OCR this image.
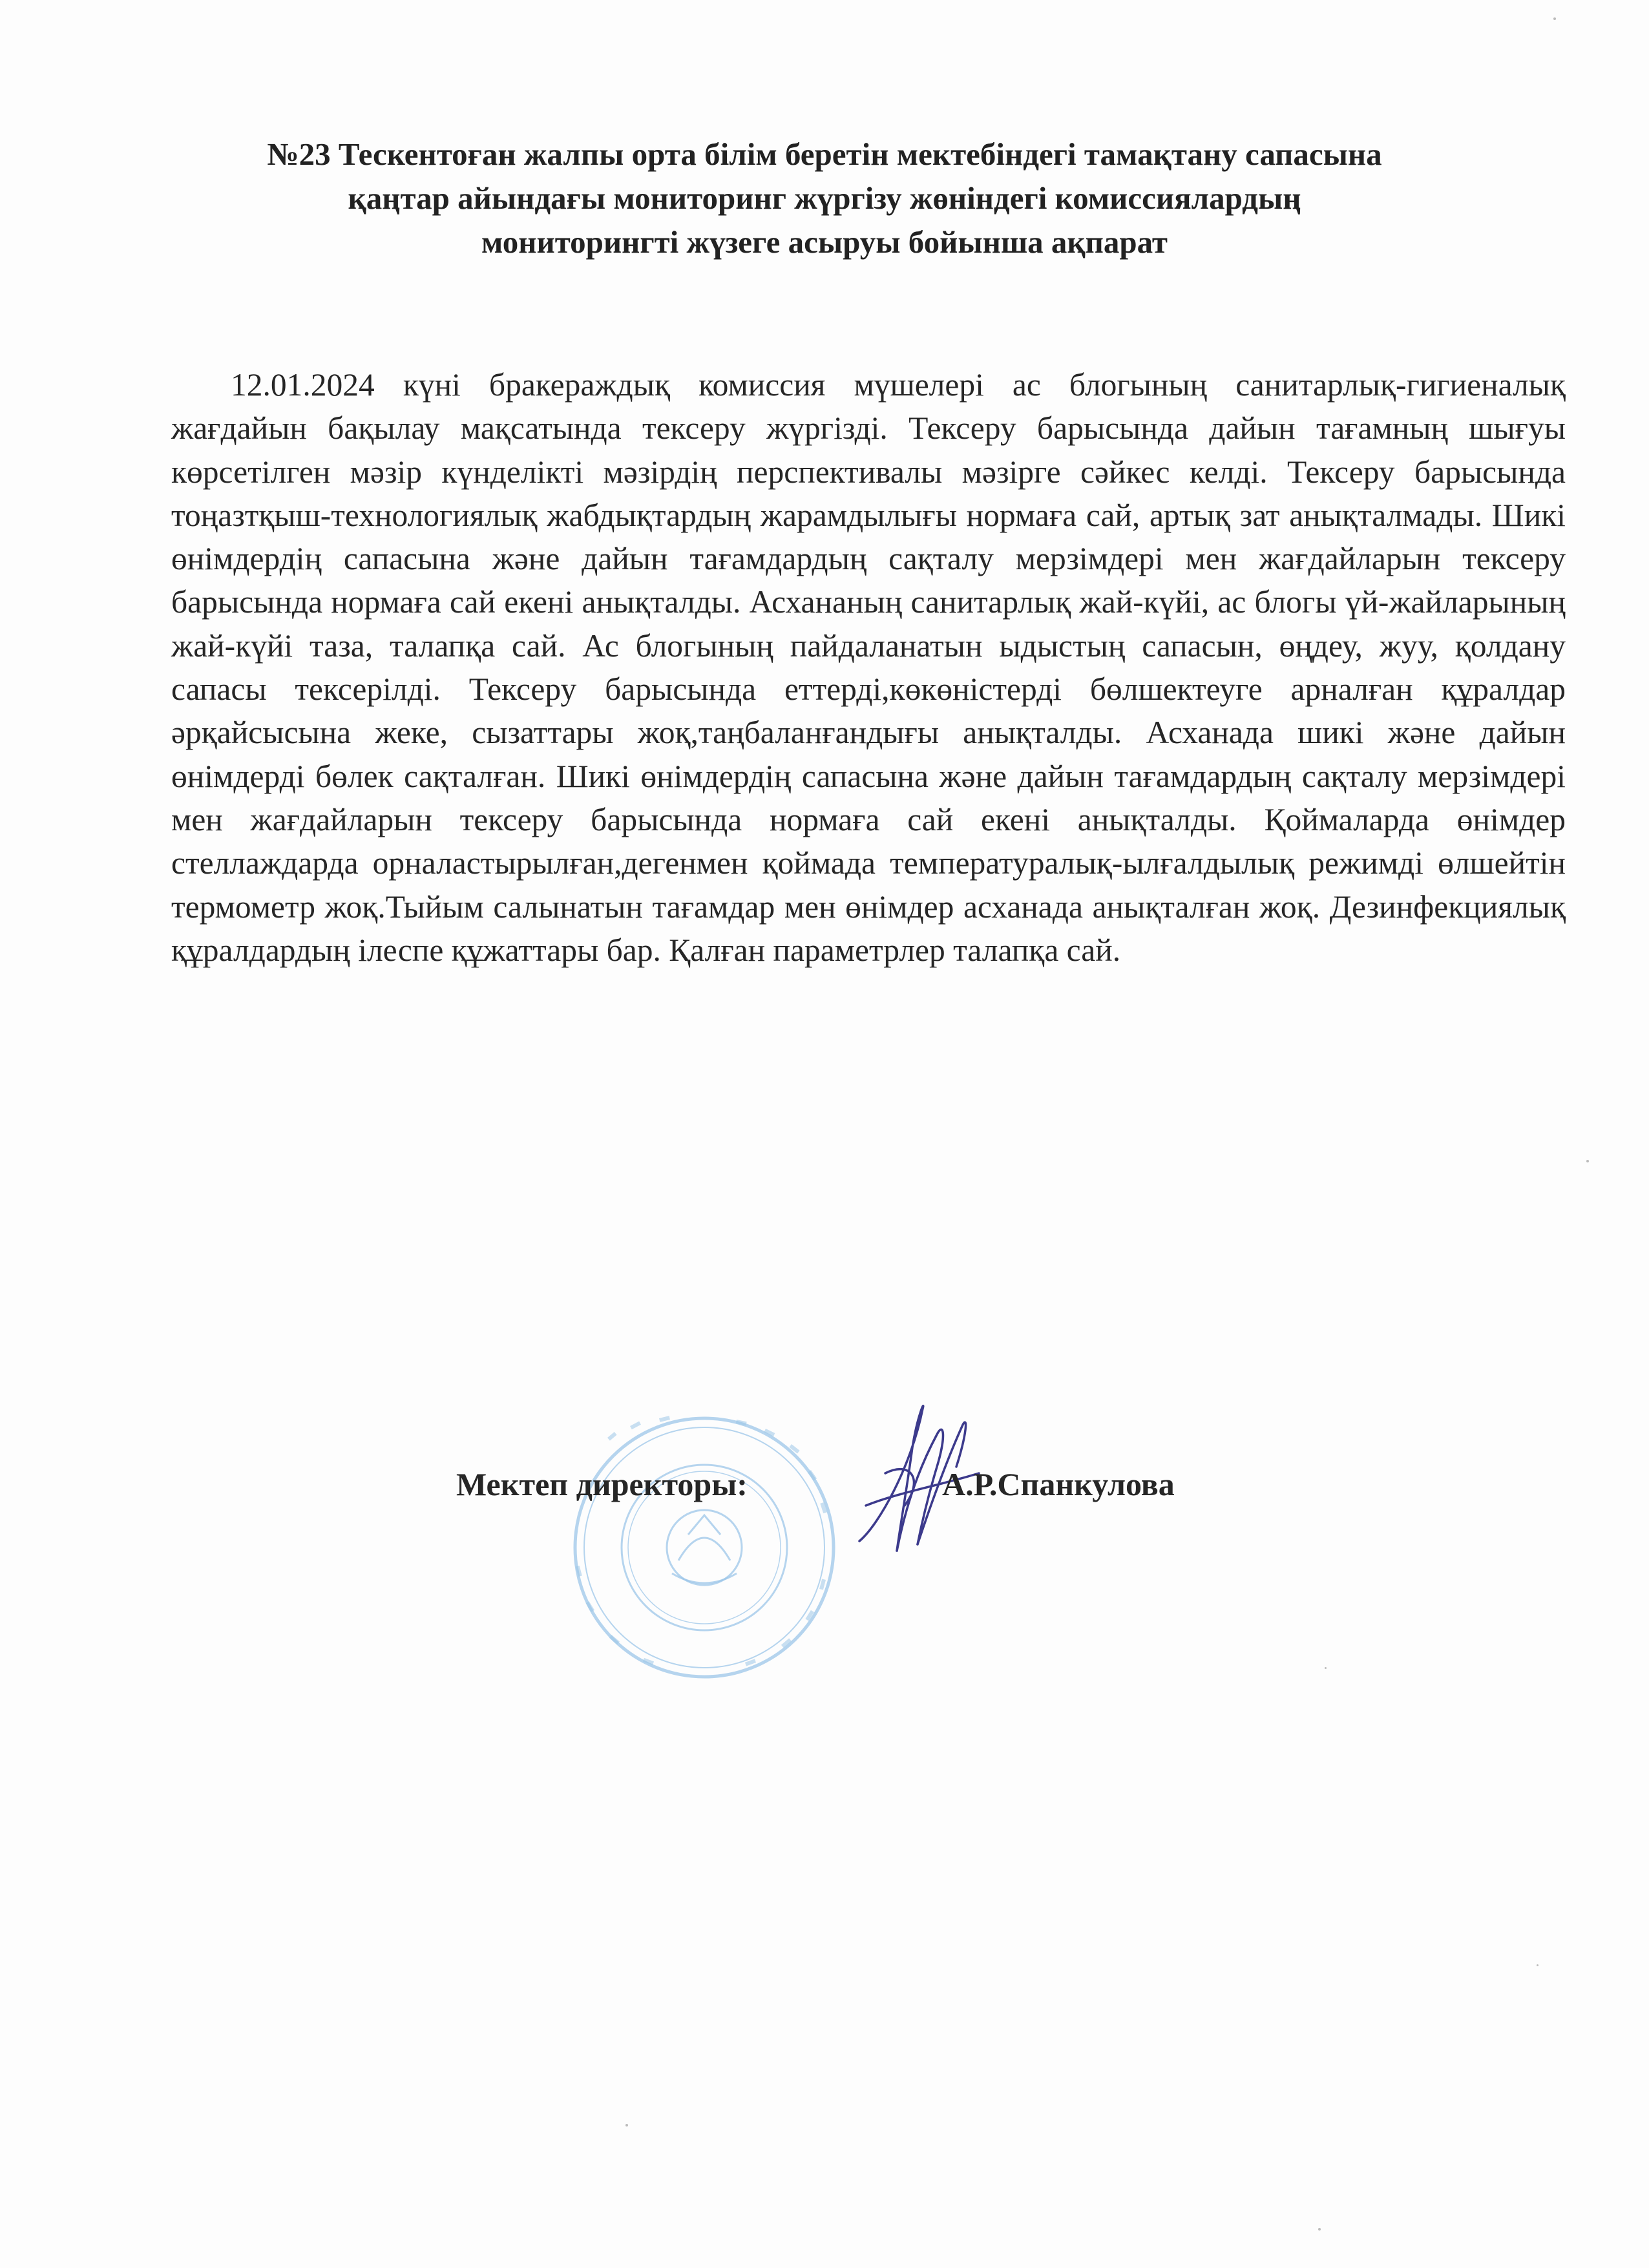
№23 Тескентоған жалпы орта білім беретін мектебіндегі тамақтану сапасына
қаңтар айындағы мониторинг жүргізу жөніндегі комиссиялардың
мониторингті жүзеге асыруы бойынша ақпарат
12.01.2024 күні бракераждық комиссия мүшелері ас блогының санитарлық-гигиеналық жағдайын бақылау мақсатында тексеру жүргізді. Тексеру барысында дайын тағамның шығуы көрсетілген мәзір күнделікті мәзірдің перспективалы мәзірге сәйкес келді. Тексеру барысында тоңазтқыш-технологиялық жабдықтардың жарамдылығы нормаға сай, артық зат анықталмады. Шикі өнімдердің сапасына және дайын тағамдардың сақталу мерзімдері мен жағдайларын тексеру барысында нормаға сай екені анықталды. Асхананың санитарлық жай-күйі, ас блогы үй-жайларының жай-күйі таза, талапқа сай. Ас блогының пайдаланатын ыдыстың сапасын, өңдеу, жуу, қолдану сапасы тексерілді. Тексеру барысында еттерді,көкөністерді бөлшектеуге арналған құралдар әрқайсысына жеке, сызаттары жоқ,таңбаланғандығы анықталды. Асханада шикі және дайын өнімдерді бөлек сақталған. Шикі өнімдердің сапасына және дайын тағамдардың сақталу мерзімдері мен жағдайларын тексеру барысында нормаға сай екені анықталды. Қоймаларда өнімдер стеллаждарда орналастырылған,дегенмен қоймада температуралық-ылғалдылық режимді өлшейтін термометр жоқ.Тыйым салынатын тағамдар мен өнімдер асханада анықталған жоқ. Дезинфекциялық құралдардың ілеспе құжаттары бар. Қалған параметрлер талапқа сай.
Мектеп директоры:	А.Р.Спанкулова
